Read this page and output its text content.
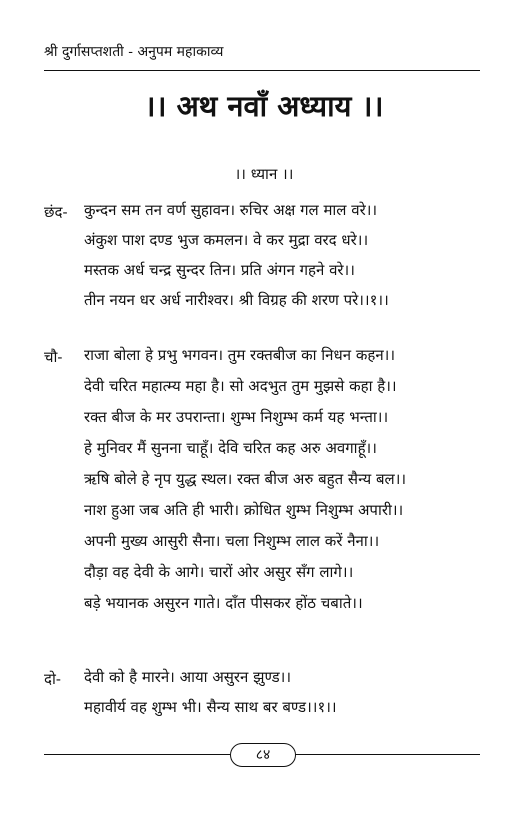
श्री दुर्गासप्तशती - अनुपम महाकाव्य
।। अथ नवाँ अध्याय ।।
।। ध्यान ।।
छंद- कुन्दन सम तन वर्ण सुहावन। रुचिर अक्ष गल माल वरे।।
अंकुश पाश दण्ड भुज कमलन। वे कर मुद्रा वरद धरे।।
मस्तक अर्ध चन्द्र सुन्दर तिन। प्रति अंगन गहने वरे।।
तीन नयन धर अर्ध नारीश्वर। श्री विग्रह की शरण परे।।१।।
चौ- राजा बोला हे प्रभु भगवन। तुम रक्तबीज का निधन कहन।।
देवी चरित महात्म्य महा है। सो अदभुत तुम मुझसे कहा है।।
रक्त बीज के मर उपरान्ता। शुम्भ निशुम्भ कर्म यह भन्ता।।
हे मुनिवर मैं सुनना चाहूँ। देवि चरित कह अरु अवगाहूँ।।
ऋषि बोले हे नृप युद्ध स्थल। रक्त बीज अरु बहुत सैन्य बल।।
नाश हुआ जब अति ही भारी। क्रोधित शुम्भ निशुम्भ अपारी।।
अपनी मुख्य आसुरी सैना। चला निशुम्भ लाल करें नैना।।
दौड़ा वह देवी के आगे। चारों ओर असुर सँग लागे।।
बड़े भयानक असुरन गाते। दाँत पीसकर होंठ चबाते।।
दो- देवी को है मारने। आया असुरन झुण्ड।।
महावीर्य वह शुम्भ भी। सैन्य साथ बर बण्ड।।१।।
८४
